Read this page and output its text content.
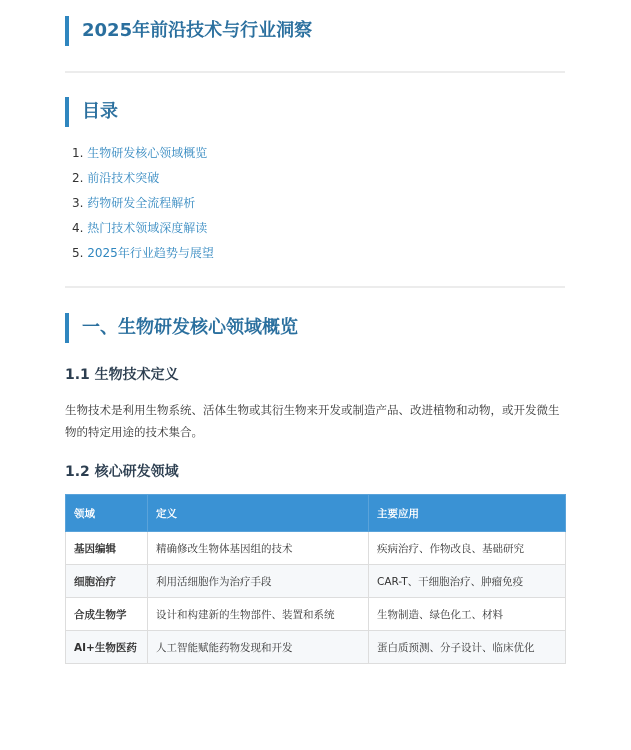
2025年前沿技术与行业洞察
目录
1. 生物研发核心领域概览
2. 前沿技术突破
3. 药物研发全流程解析
4. 热门技术领域深度解读
5. 2025年行业趋势与展望
一、生物研发核心领域概览
1.1 生物技术定义

生物技术是利用生物系统、活体生物或其衍生物来开发或制造产品、改进植物和动物，或开发微生物的特定用途的技术集合。

1.2 核心研发领域
领域	定义	主要应用
基因编辑	精确修改生物体基因组的技术	疾病治疗、作物改良、基础研究
细胞治疗	利用活细胞作为治疗手段	CAR-T、干细胞治疗、肿瘤免疫
合成生物学	设计和构建新的生物部件、装置和系统	生物制造、绿色化工、材料
AI+生物医药	人工智能赋能药物发现和开发	蛋白质预测、分子设计、临床优化
